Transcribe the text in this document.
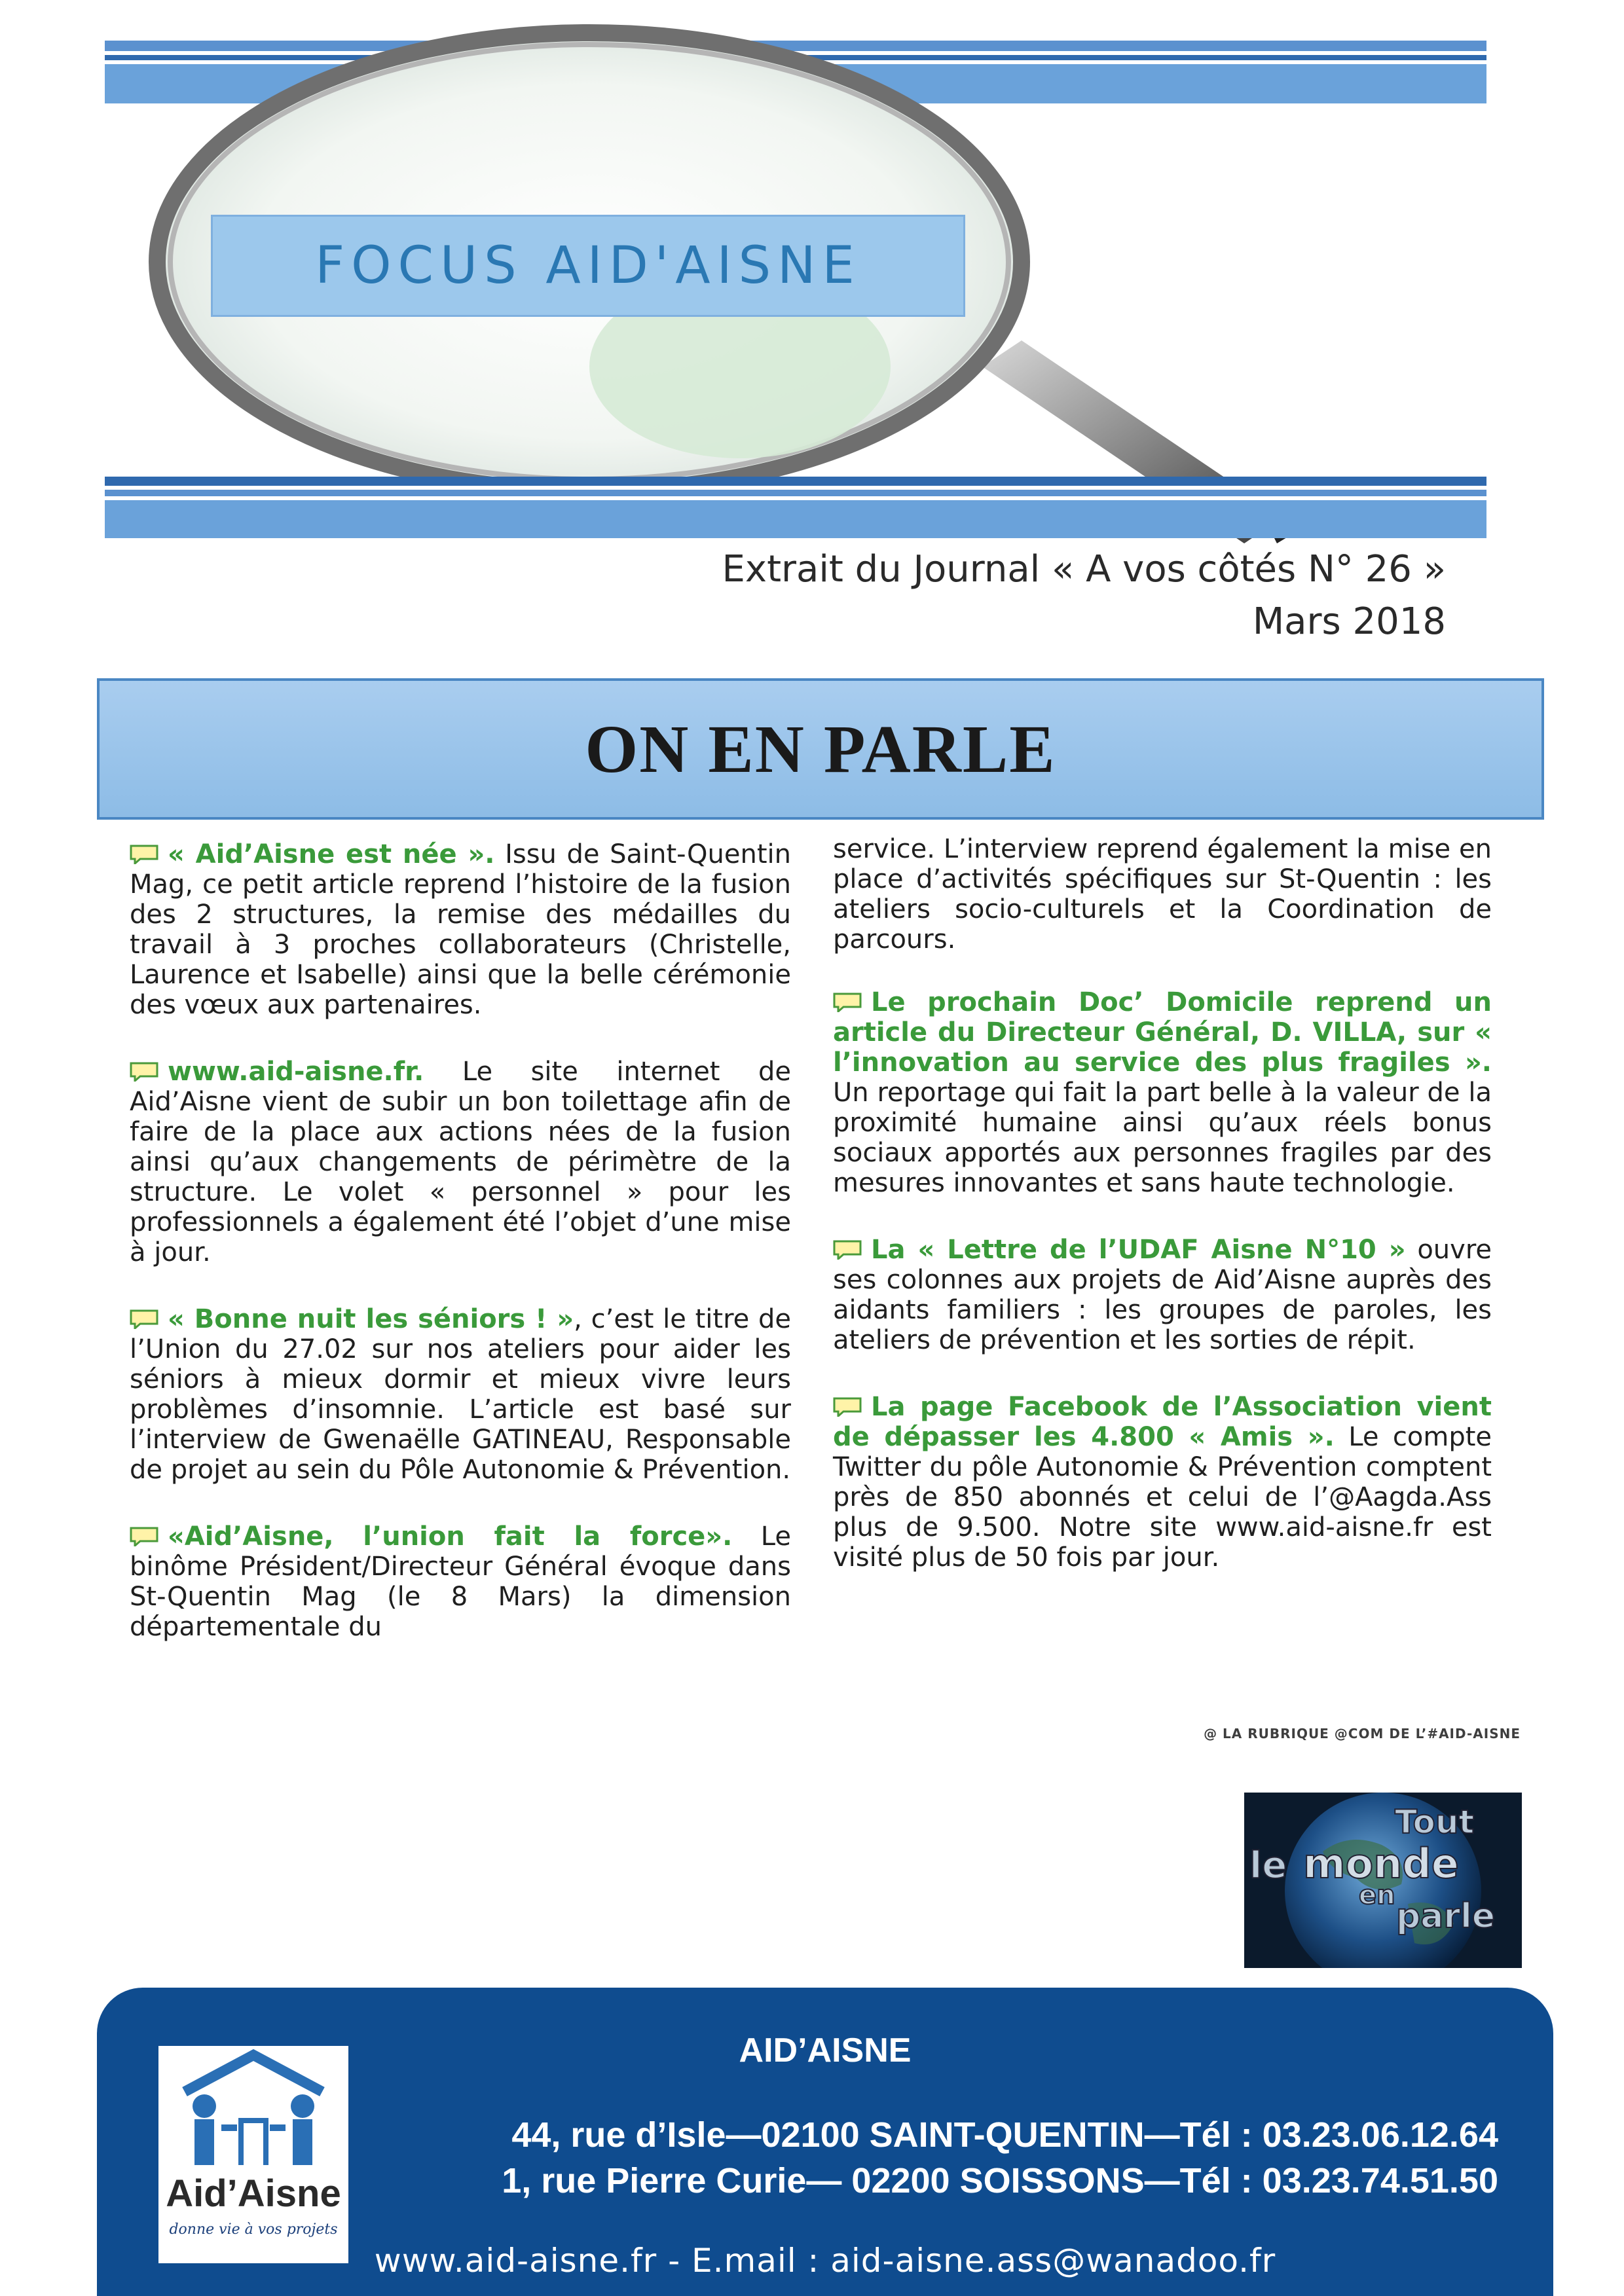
FOCUS AID'AISNE
Extrait du Journal « A vos côtés N° 26 »
Mars 2018
ON EN PARLE

« Aid’Aisne est née ». Issu de Saint-Quentin Mag, ce petit article reprend l’histoire de la fusion des 2 structures, la remise des médailles du travail à 3 proches collaborateurs (Christelle, Laurence et Isabelle) ainsi que la belle cérémonie des vœux aux partenaires.

www.aid-aisne.fr. Le site internet de Aid’Aisne vient de subir un bon toilettage afin de faire de la place aux actions nées de la fusion ainsi qu’aux changements de périmètre de la structure. Le volet « personnel » pour les professionnels a également été l’objet d’une mise à jour.

« Bonne nuit les séniors ! », c’est le titre de l’Union du 27.02 sur nos ateliers pour aider les séniors à mieux dormir et mieux vivre leurs problèmes d’insomnie. L’article est basé sur l’interview de Gwenaëlle GATINEAU, Responsable de projet au sein du Pôle Autonomie & Prévention.

«Aid’Aisne, l’union fait la force». Le binôme Président/Directeur Général évoque dans St-Quentin Mag (le 8 Mars) la dimension départementale du

service. L’interview reprend également la mise en place d’activités spécifiques sur St-Quentin : les ateliers socio-culturels et la Coordination de parcours.

Le prochain Doc’ Domicile reprend un article du Directeur Général, D. VILLA, sur « l’innovation au service des plus fragiles ». Un reportage qui fait la part belle à la valeur de la proximité humaine ainsi qu’aux réels bonus sociaux apportés aux personnes fragiles par des mesures innovantes et sans haute technologie.

La « Lettre de l’UDAF Aisne N°10 » ouvre ses colonnes aux projets de Aid’Aisne auprès des aidants familiers : les groupes de paroles, les ateliers de prévention et les sorties de répit.

La page Facebook de l’Association vient de dépasser les 4.800 « Amis ». Le compte Twitter du pôle Autonomie & Prévention comptent près de 850 abonnés et celui de l’@Aagda.Ass plus de 9.500. Notre site www.aid-aisne.fr est visité plus de 50 fois par jour.

@ LA RUBRIQUE @COM DE L’#AID-AISNE
Tout
le monde
en
parle
AID’AISNE
44, rue d’Isle—02100 SAINT-QUENTIN—Tél : 03.23.06.12.64
1, rue Pierre Curie— 02200 SOISSONS—Tél : 03.23.74.51.50
www.aid-aisne.fr - E.mail : aid-aisne.ass@wanadoo.fr
Aid’Aisne
donne vie à vos projets
